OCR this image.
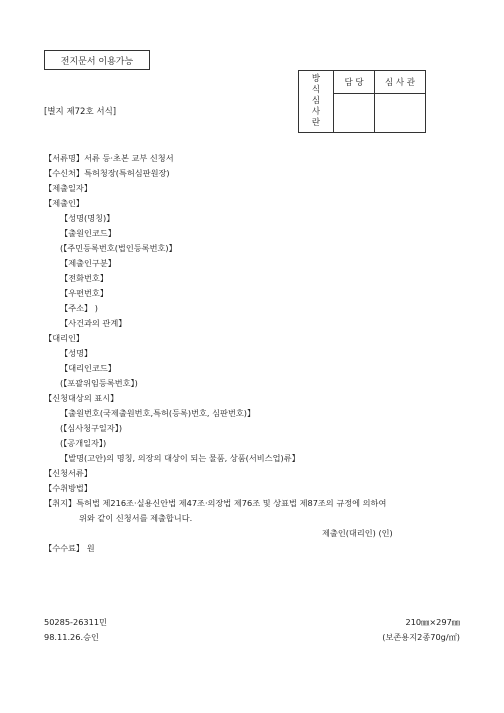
전지문서 이용가능
[별지 제72호 서식]
방
식
심
사
란	담 당	심 사 관

【서류명】서류 등·초본 교부 신청서
【수신처】특허청장(특허심판원장)
【제출일자】
【제출인】
【성명(명칭)】
【출원인코드】
(【주민등록번호(법인등록번호)】
【제출인구분】
【전화번호】
【우편번호】
【주소】 )
【사건과의 관계】
【대리인】
【성명】
【대리인코드】
(【포괄위임등록번호】)
【신청대상의 표시】
【출원번호(국제출원번호,특허(등록)번호, 심판번호)】
(【심사청구일자】)
(【공개일자】)
【발명(고안)의 명칭, 의장의 대상이 되는 물품, 상품(서비스업)류】
【신청서류】
【수취방법】
【취지】특허법 제216조·실용신안법 제47조·의장법 제76조 및 상표법 제87조의 규정에 의하여
위와 같이 신청서를 제출합니다.
제출인(대리인) (인)
【수수료】 원
50285-26311민
98.11.26.승인
210㎜×297㎜
(보존용지2종70g/㎡)
